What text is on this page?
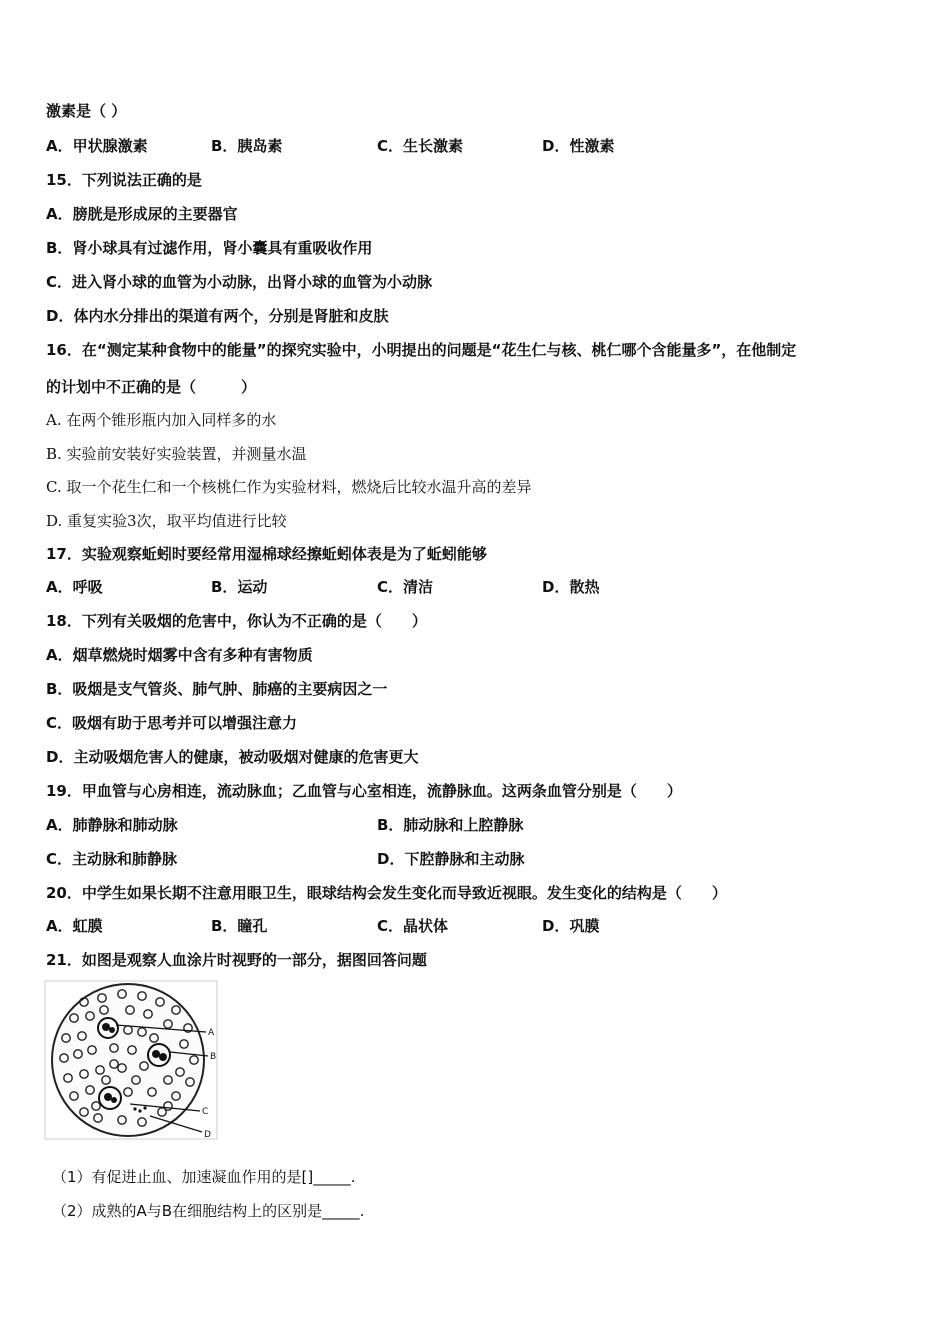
激素是（ ）
A．甲状腺激素	B．胰岛素	C．生长激素	D．性激素
15．下列说法正确的是
A．膀胱是形成尿的主要器官
B．肾小球具有过滤作用，肾小囊具有重吸收作用
C．进入肾小球的血管为小动脉，出肾小球的血管为小动脉
D．体内水分排出的渠道有两个，分别是肾脏和皮肤
16．在“测定某种食物中的能量”的探究实验中，小明提出的问题是“花生仁与核、桃仁哪个含能量多”，在他制定
的计划中不正确的是（　　　）
A. 在两个锥形瓶内加入同样多的水
B. 实验前安装好实验装置，并测量水温
C. 取一个花生仁和一个核桃仁作为实验材料，燃烧后比较水温升高的差异
D. 重复实验3次，取平均值进行比较
17．实验观察蚯蚓时要经常用湿棉球经擦蚯蚓体表是为了蚯蚓能够
A．呼吸	B．运动	C．清洁	D．散热
18．下列有关吸烟的危害中，你认为不正确的是（　　）
A．烟草燃烧时烟雾中含有多种有害物质
B．吸烟是支气管炎、肺气肿、肺癌的主要病因之一
C．吸烟有助于思考并可以增强注意力
D．主动吸烟危害人的健康，被动吸烟对健康的危害更大
19．甲血管与心房相连，流动脉血；乙血管与心室相连，流静脉血。这两条血管分别是（　　）
A．肺静脉和肺动脉	B．肺动脉和上腔静脉
C．主动脉和肺静脉	D．下腔静脉和主动脉
20．中学生如果长期不注意用眼卫生，眼球结构会发生变化而导致近视眼。发生变化的结构是（　　）
A．虹膜	B．瞳孔	C．晶状体	D．巩膜
21．如图是观察人血涂片时视野的一部分，据图回答问题
A
B
C
D
（1）有促进止血、加速凝血作用的是[]_____.
（2）成熟的A与B在细胞结构上的区别是_____.
